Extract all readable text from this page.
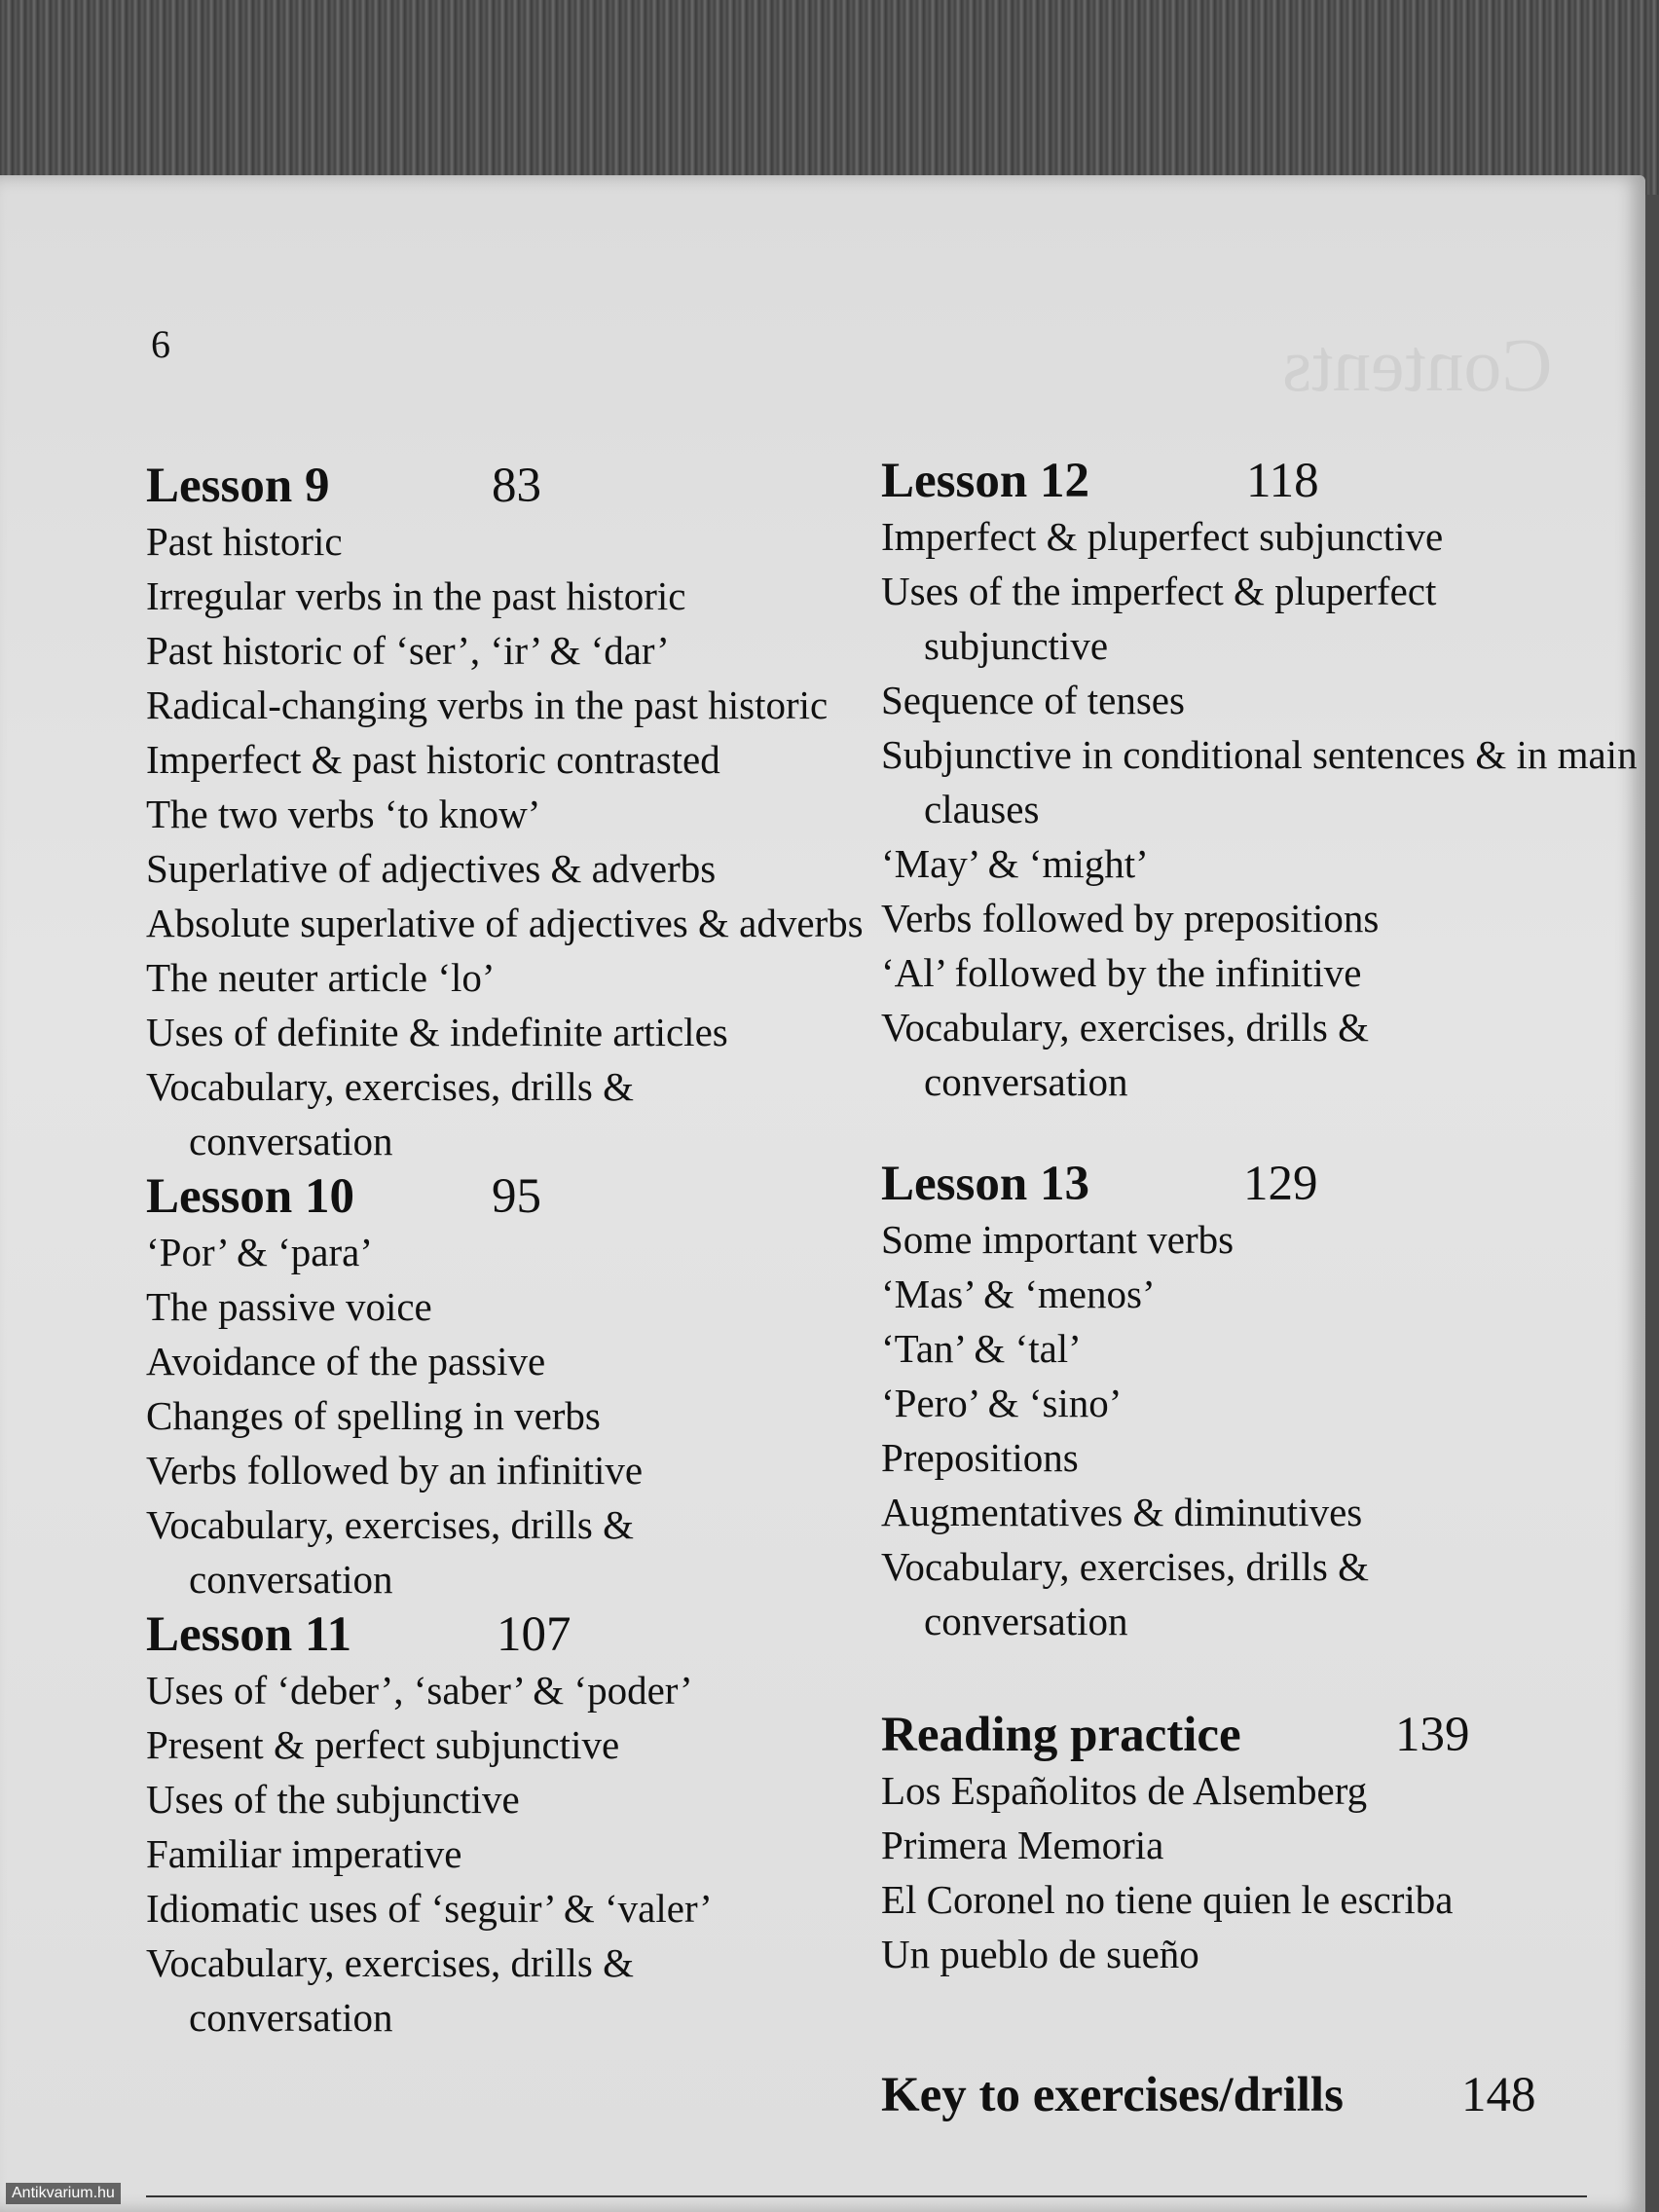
Contents
6
Lesson 9	83
Past historic
Irregular verbs in the past historic
Past historic of ‘ser’, ‘ir’ & ‘dar’
Radical-changing verbs in the past historic
Imperfect & past historic contrasted
The two verbs ‘to know’
Superlative of adjectives & adverbs
Absolute superlative of adjectives & adverbs
The neuter article ‘lo’
Uses of definite & indefinite articles
Vocabulary, exercises, drills & conversation
Lesson 10	95
‘Por’ & ‘para’
The passive voice
Avoidance of the passive
Changes of spelling in verbs
Verbs followed by an infinitive
Vocabulary, exercises, drills & conversation
Lesson 11	107
Uses of ‘deber’, ‘saber’ & ‘poder’
Present & perfect subjunctive
Uses of the subjunctive
Familiar imperative
Idiomatic uses of ‘seguir’ & ‘valer’
Vocabulary, exercises, drills & conversation
Lesson 12	118
Imperfect & pluperfect subjunctive
Uses of the imperfect & pluperfect subjunctive
Sequence of tenses
Subjunctive in conditional sentences & in main clauses
‘May’ & ‘might’
Verbs followed by prepositions
‘Al’ followed by the infinitive
Vocabulary, exercises, drills & conversation
Lesson 13	129
Some important verbs
‘Mas’ & ‘menos’
‘Tan’ & ‘tal’
‘Pero’ & ‘sino’
Prepositions
Augmentatives & diminutives
Vocabulary, exercises, drills & conversation
Reading practice	139
Los Españolitos de Alsemberg
Primera Memoria
El Coronel no tiene quien le escriba
Un pueblo de sueño
Key to exercises/drills	148
Antikvarium.hu
